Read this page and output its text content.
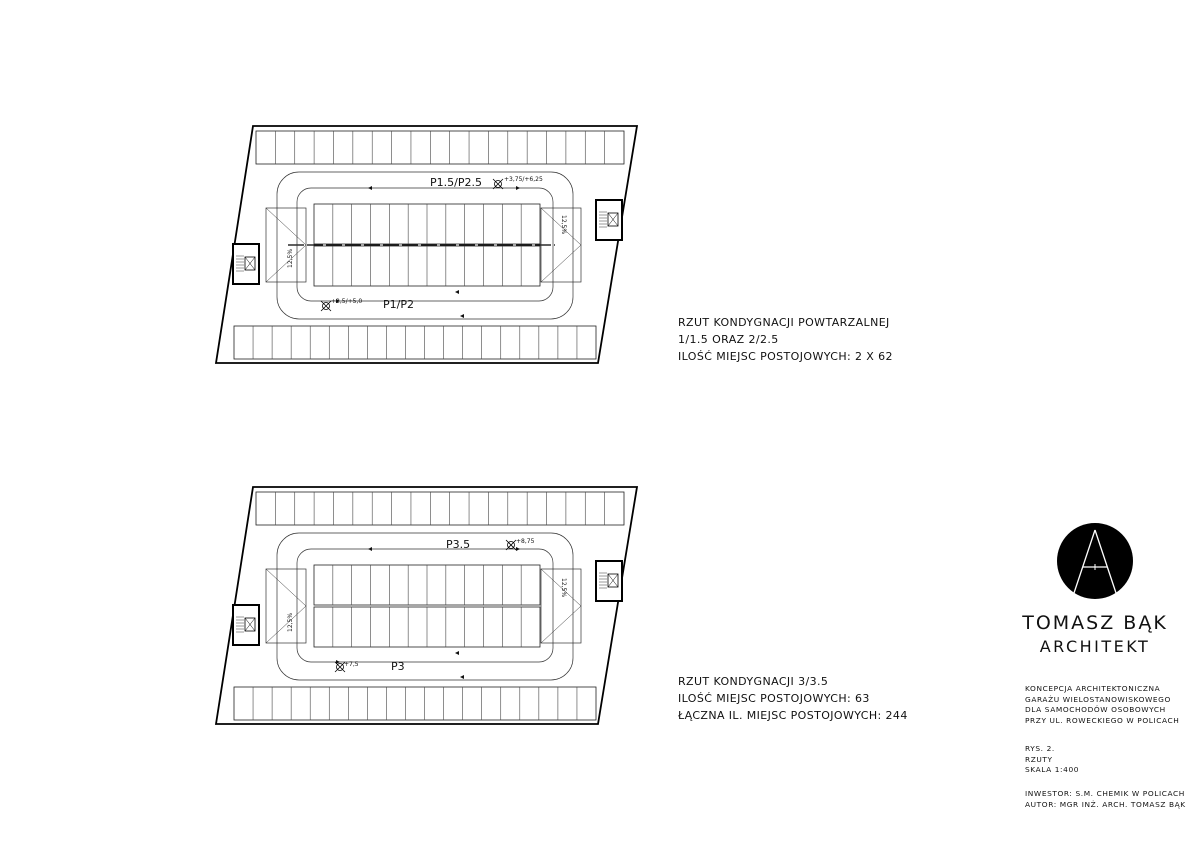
P1.5/P2.5
P1/P2
+3,75/+6,25
+2,5/+5,0
12,5%
12,5%
P3.5
P3
+8,75
+7,5
12,5%
12,5%
RZUT KONDYGNACJI POWTARZALNEJ
1/1.5 ORAZ 2/2.5
ILOŚĆ MIEJSC POSTOJOWYCH: 2 X 62
RZUT KONDYGNACJI 3/3.5
ILOŚĆ MIEJSC POSTOJOWYCH: 63
ŁĄCZNA IL. MIEJSC POSTOJOWYCH: 244
TOMASZ BĄK
ARCHITEKT
KONCEPCJA ARCHITEKTONICZNA
GARAŻU WIELOSTANOWISKOWEGO
DLA SAMOCHODÓW OSOBOWYCH
PRZY UL. ROWECKIEGO W POLICACH
RYS. 2.
RZUTY
SKALA 1:400
INWESTOR: S.M. CHEMIK W POLICACH
AUTOR: MGR INŻ. ARCH. TOMASZ BĄK
